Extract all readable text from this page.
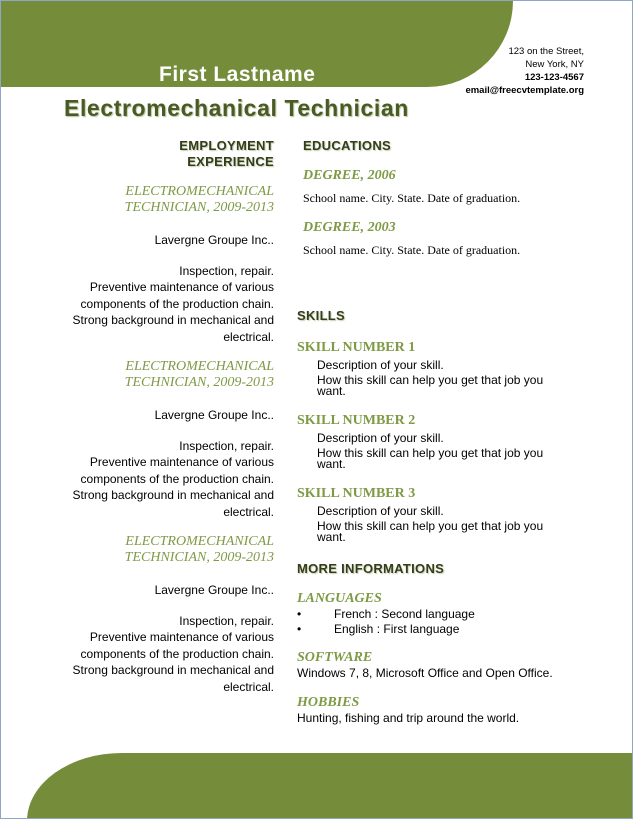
First Lastname
Electromechanical Technician
123 on the Street,
New York, NY
123-123-4567
email@freecvtemplate.org
EMPLOYMENT
EXPERIENCE
ELECTROMECHANICAL
TECHNICIAN, 2009-2013
Lavergne Groupe Inc..
Inspection, repair.
Preventive maintenance of various
components of the production chain.
Strong background in mechanical and
electrical.
ELECTROMECHANICAL
TECHNICIAN, 2009-2013
Lavergne Groupe Inc..
Inspection, repair.
Preventive maintenance of various
components of the production chain.
Strong background in mechanical and
electrical.
ELECTROMECHANICAL
TECHNICIAN, 2009-2013
Lavergne Groupe Inc..
Inspection, repair.
Preventive maintenance of various
components of the production chain.
Strong background in mechanical and
electrical.
EDUCATIONS
DEGREE, 2006
School name. City. State. Date of graduation.
DEGREE, 2003
School name. City. State. Date of graduation.
SKILLS
SKILL NUMBER 1
Description of your skill.
How this skill can help you get that job you
want.
SKILL NUMBER 2
Description of your skill.
How this skill can help you get that job you
want.
SKILL NUMBER 3
Description of your skill.
How this skill can help you get that job you
want.
MORE INFORMATIONS
LANGUAGES
•	French : Second language
•	English : First language
SOFTWARE
Windows 7, 8, Microsoft Office and Open Office.
HOBBIES
Hunting, fishing and trip around the world.
